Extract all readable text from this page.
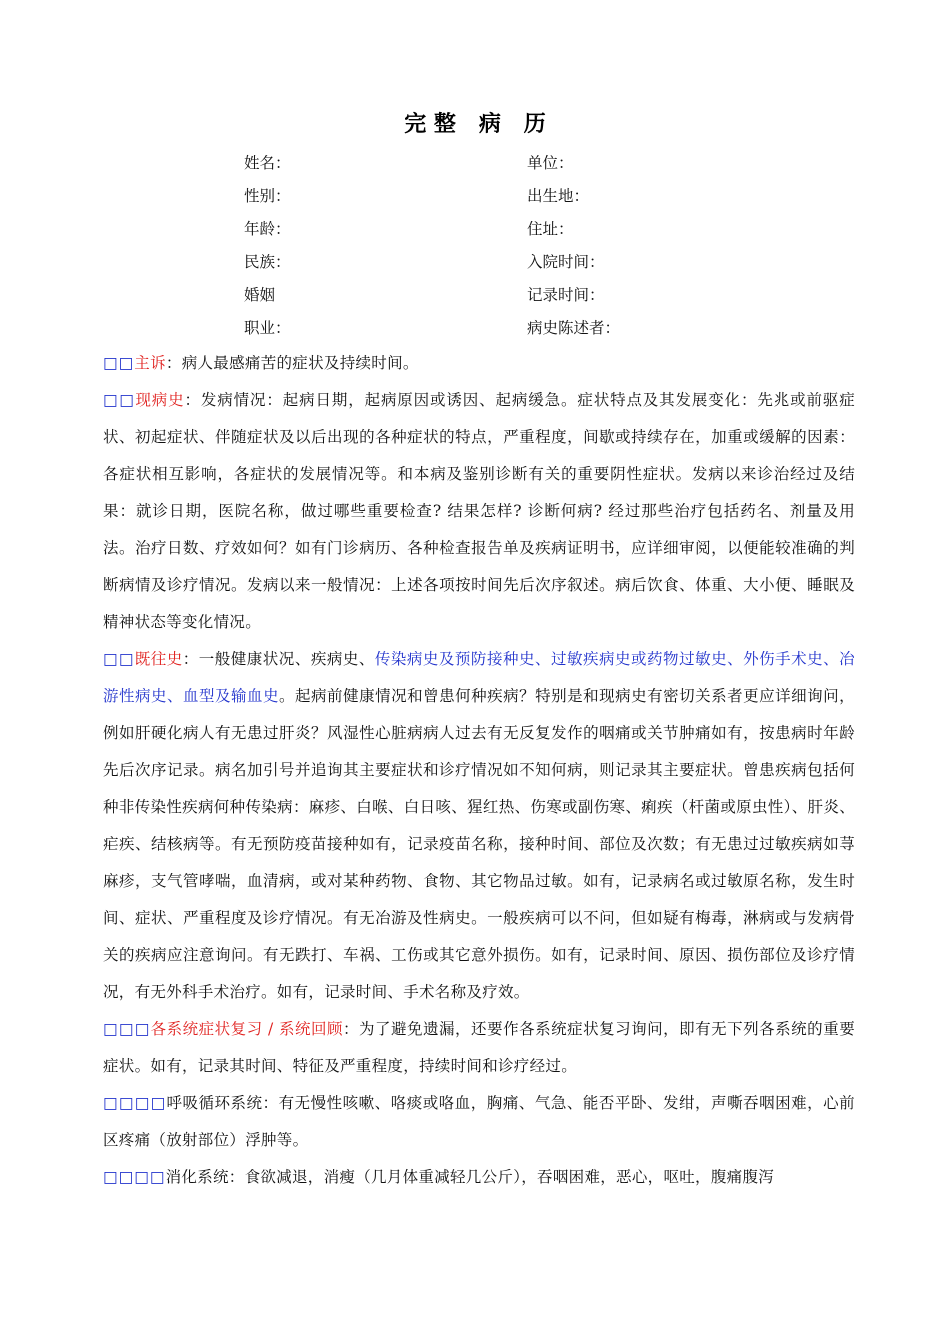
完 整   病   历
姓名：	单位：
性别：	出生地：
年龄：	住址：
民族：	入院时间：
婚姻	记录时间：
职业：	病史陈述者：

□□主诉：病人最感痛苦的症状及持续时间。

□□现病史：发病情况：起病日期，起病原因或诱因、起病缓急。症状特点及其发展变化：先兆或前驱症状、初起症状、伴随症状及以后出现的各种症状的特点，严重程度，间歇或持续存在，加重或缓解的因素：各症状相互影响，各症状的发展情况等。和本病及鉴别诊断有关的重要阴性症状。发病以来诊治经过及结果：就诊日期，医院名称，做过哪些重要检查? 结果怎样? 诊断何病? 经过那些治疗包括药名、剂量及用法。治疗日数、疗效如何？如有门诊病历、各种检查报告单及疾病证明书，应详细审阅，以便能较准确的判断病情及诊疗情况。发病以来一般情况：上述各项按时间先后次序叙述。病后饮食、体重、大小便、睡眠及精神状态等变化情况。

□□既往史：一般健康状况、疾病史、传染病史及预防接种史、过敏疾病史或药物过敏史、外伤手术史、冶游性病史、血型及输血史。起病前健康情况和曾患何种疾病？特别是和现病史有密切关系者更应详细询问，例如肝硬化病人有无患过肝炎？风湿性心脏病病人过去有无反复发作的咽痛或关节肿痛如有，按患病时年龄先后次序记录。病名加引号并追询其主要症状和诊疗情况如不知何病，则记录其主要症状。曾患疾病包括何种非传染性疾病何种传染病：麻疹、白喉、白日咳、猩红热、伤寒或副伤寒、痢疾（杆菌或原虫性）、肝炎、疟疾、结核病等。有无预防疫苗接种如有，记录疫苗名称，接种时间、部位及次数；有无患过过敏疾病如荨麻疹，支气管哮喘，血清病，或对某种药物、食物、其它物品过敏。如有，记录病名或过敏原名称，发生时间、症状、严重程度及诊疗情况。有无冶游及性病史。一般疾病可以不问，但如疑有梅毒，淋病或与发病骨关的疾病应注意询问。有无跌打、车祸、工伤或其它意外损伤。如有，记录时间、原因、损伤部位及诊疗情况，有无外科手术治疗。如有，记录时间、手术名称及疗效。

□□□各系统症状复习 / 系统回顾：为了避免遗漏，还要作各系统症状复习询问，即有无下列各系统的重要症状。如有，记录其时间、特征及严重程度，持续时间和诊疗经过。

□□□□呼吸循环系统：有无慢性咳嗽、咯痰或咯血，胸痛、气急、能否平卧、发绀，声嘶吞咽困难，心前区疼痛（放射部位）浮肿等。

□□□□消化系统：食欲减退，消瘦（几月体重减轻几公斤），吞咽困难，恶心，呕吐，腹痛腹泻
